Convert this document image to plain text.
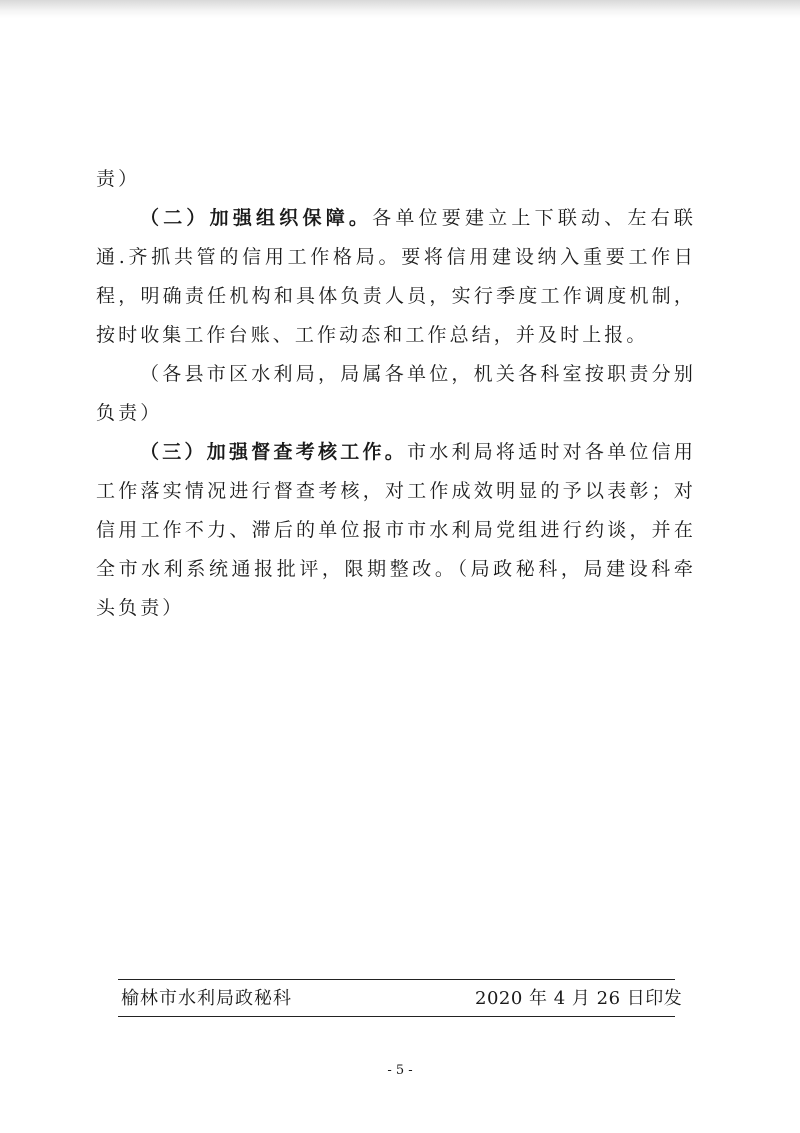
责）

（二）加强组织保障。各单位要建立上下联动、左右联通.齐抓共管的信用工作格局。要将信用建设纳入重要工作日程，明确责任机构和具体负责人员，实行季度工作调度机制，按时收集工作台账、工作动态和工作总结，并及时上报。

（各县市区水利局，局属各单位，机关各科室按职责分别负责）

（三）加强督查考核工作。市水利局将适时对各单位信用工作落实情况进行督查考核，对工作成效明显的予以表彰；对信用工作不力、滞后的单位报市市水利局党组进行约谈，并在全市水利系统通报批评，限期整改。（局政秘科，局建设科牵头负责）

榆林市水利局政秘科	2020 年 4 月 26 日印发
- 5 -
